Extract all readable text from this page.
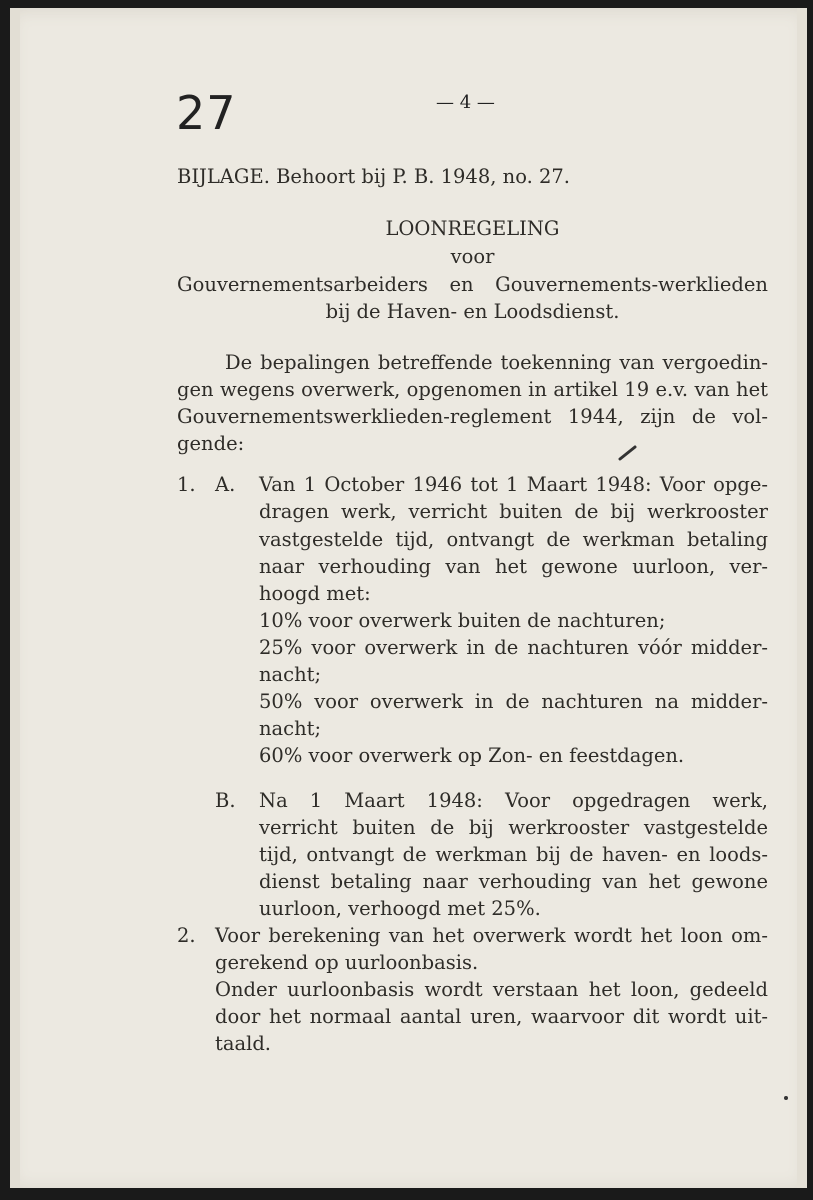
27	— 4 —
BIJLAGE. Behoort bij P. B. 1948, no. 27.
LOONREGELING
voor
Gouvernementsarbeiders en Gouvernements-werklieden
bij de Haven- en Loodsdienst.
De bepalingen betreffende toekenning van vergoedin-
gen wegens overwerk, opgenomen in artikel 19 e.v. van het
Gouvernementswerklieden-reglement 1944, zijn de vol-
gende:
1. A. Van 1 October 1946 tot 1 Maart 1948: Voor opge-
dragen werk, verricht buiten de bij werkrooster
vastgestelde tijd, ontvangt de werkman betaling
naar verhouding van het gewone uurloon, ver-
hoogd met:
10% voor overwerk buiten de nachturen;
25% voor overwerk in de nachturen vóór midder-
nacht;
50% voor overwerk in de nachturen na midder-
nacht;
60% voor overwerk op Zon- en feestdagen.
B. Na 1 Maart 1948: Voor opgedragen werk,
verricht buiten de bij werkrooster vastgestelde
tijd, ontvangt de werkman bij de haven- en loods-
dienst betaling naar verhouding van het gewone
uurloon, verhoogd met 25%.
2. Voor berekening van het overwerk wordt het loon om-
gerekend op uurloonbasis.
Onder uurloonbasis wordt verstaan het loon, gedeeld
door het normaal aantal uren, waarvoor dit wordt uit-
taald.
